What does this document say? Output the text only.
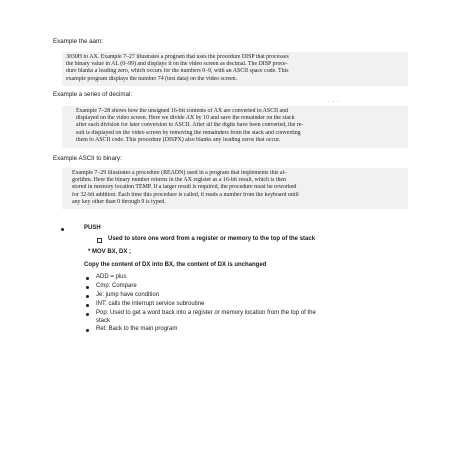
Example the aam:
3030H to AX. Example 7–27 illustrates a program that uses the procedure DISP that processes
the binary value in AL (0–99) and displays it on the video screen as decimal. The DISP proce-
dure blanks a leading zero, which occurs for the numbers 0–9, with an ASCII space code. This
example program displays the number 74 (test data) on the video screen.
Example a series of decimal:
. . .
Example 7–28 shows how the unsigned 16-bit contents of AX are converted to ASCII and
displayed on the video screen. Here we divide AX by 10 and save the remainder on the stack
after each division for later conversion to ASCII. After all the digits have been converted, the re-
sult is displayed on the video screen by removing the remainders from the stack and converting
them to ASCII code. This procedure (DISPX) also blanks any leading zeros that occur.
Example ASCII to binary:
Example 7–29 illustrates a procedure (READN) used in a program that implements this al-
gorithm. Here the binary number returns in the AX register as a 16-bit result, which is then
stored in memory location TEMP. If a larger result is required, the procedure must be reworked
for 32-bit addition. Each time this procedure is called, it reads a number from the keyboard until
any key other than 0 through 9 is typed.
PUSH
Used to store one word from a register or memory to the top of the stack
* MOV BX, DX ;
Copy the content of DX into BX, the content of DX is unchanged
ADD = plus
Cmp: Compare
Je: jump have condition
INT: calls the interrupt service subroutine
Pop: Used to get a word back into a register or memory location from the top of the
stack
Ret: Back to the main program
